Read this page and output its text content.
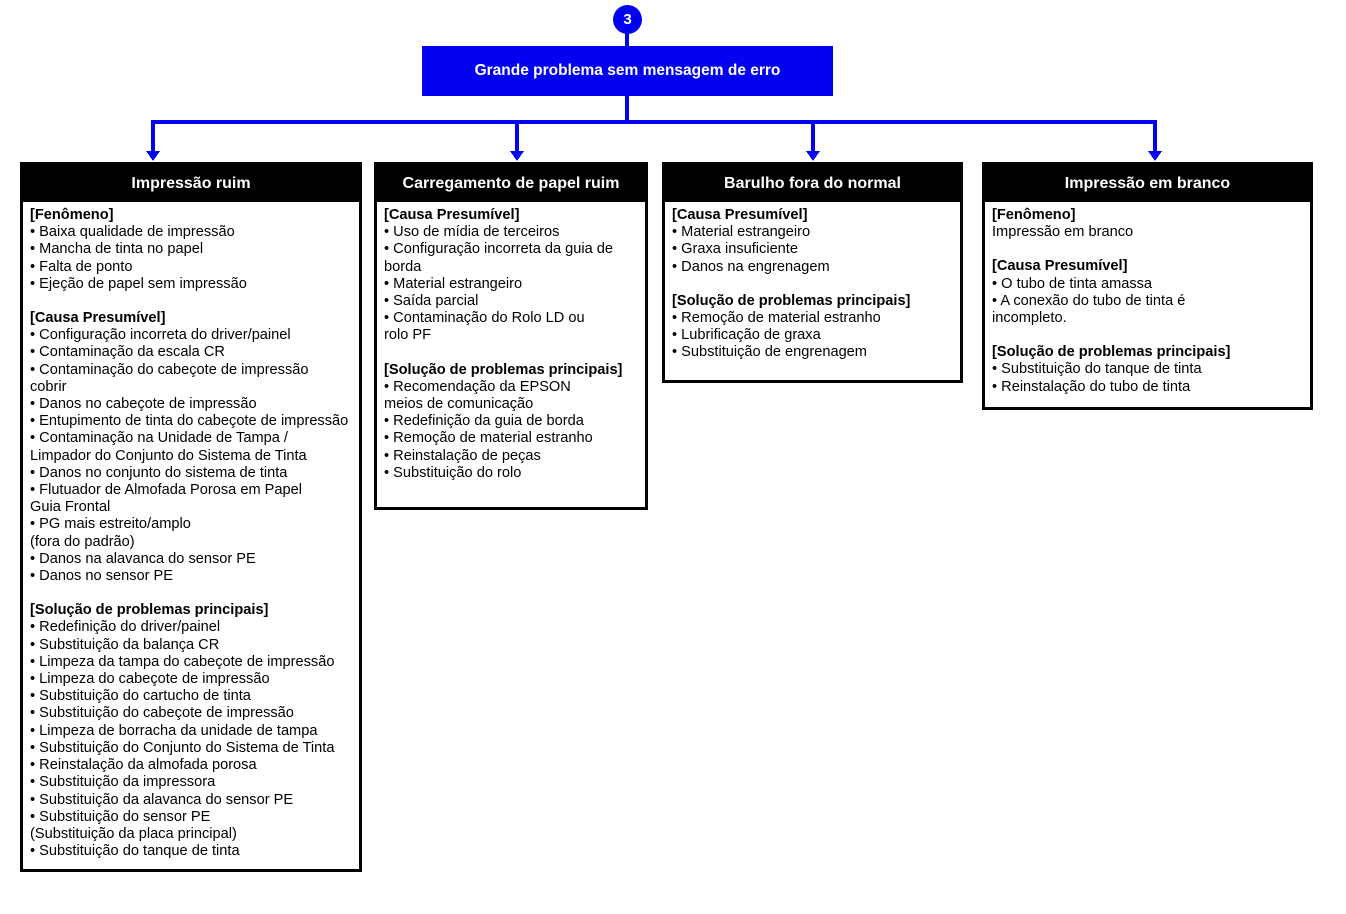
3
Grande problema sem mensagem de erro
Impressão ruim
[Fenômeno]
• Baixa qualidade de impressão
• Mancha de tinta no papel
• Falta de ponto
• Ejeção de papel sem impressão
[Causa Presumível]
• Configuração incorreta do driver/painel
• Contaminação da escala CR
• Contaminação do cabeçote de impressão
cobrir
• Danos no cabeçote de impressão
• Entupimento de tinta do cabeçote de impressão
• Contaminação na Unidade de Tampa /
Limpador do Conjunto do Sistema de Tinta
• Danos no conjunto do sistema de tinta
• Flutuador de Almofada Porosa em Papel
Guia Frontal
• PG mais estreito/amplo
(fora do padrão)
• Danos na alavanca do sensor PE
• Danos no sensor PE
[Solução de problemas principais]
• Redefinição do driver/painel
• Substituição da balança CR
• Limpeza da tampa do cabeçote de impressão
• Limpeza do cabeçote de impressão
• Substituição do cartucho de tinta
• Substituição do cabeçote de impressão
• Limpeza de borracha da unidade de tampa
• Substituição do Conjunto do Sistema de Tinta
• Reinstalação da almofada porosa
• Substituição da impressora
• Substituição da alavanca do sensor PE
• Substituição do sensor PE
(Substituição da placa principal)
• Substituição do tanque de tinta
Carregamento de papel ruim
[Causa Presumível]
• Uso de mídia de terceiros
• Configuração incorreta da guia de
borda
• Material estrangeiro
• Saída parcial
• Contaminação do Rolo LD ou
rolo PF
[Solução de problemas principais]
• Recomendação da EPSON
meios de comunicação
• Redefinição da guia de borda
• Remoção de material estranho
• Reinstalação de peças
• Substituição do rolo
Barulho fora do normal
[Causa Presumível]
• Material estrangeiro
• Graxa insuficiente
• Danos na engrenagem
[Solução de problemas principais]
• Remoção de material estranho
• Lubrificação de graxa
• Substituição de engrenagem
Impressão em branco
[Fenômeno]
Impressão em branco
[Causa Presumível]
• O tubo de tinta amassa
• A conexão do tubo de tinta é
incompleto.
[Solução de problemas principais]
• Substituição do tanque de tinta
• Reinstalação do tubo de tinta
